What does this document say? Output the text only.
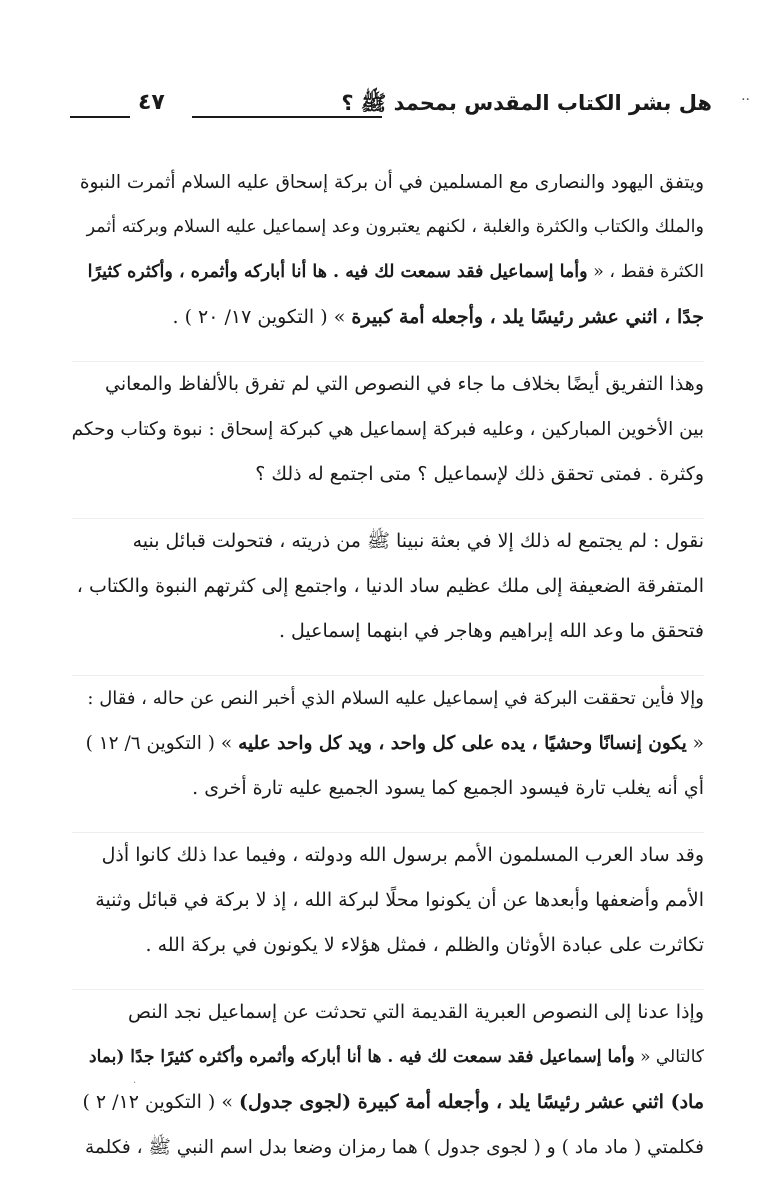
..
هل بشر الكتاب المقدس بمحمد ﷺ ؟
٤٧
ويتفق اليهود والنصارى مع المسلمين في أن بركة إسحاق عليه السلام أثمرت النبوة
والملك والكتاب والكثرة والغلبة ، لكنهم يعتبرون وعد إسماعيل عليه السلام وبركته أثمر
الكثرة فقط ، « وأما إسماعيل فقد سمعت لك فيه . ها أنا أباركه وأثمره ، وأكثره كثيرًا
جدًا ، اثني عشر رئيسًا يلد ، وأجعله أمة كبيرة » ( التكوين ١٧/ ٢٠ ) .
وهذا التفريق أيضًا بخلاف ما جاء في النصوص التي لم تفرق بالألفاظ والمعاني
بين الأخوين المباركين ، وعليه فبركة إسماعيل هي كبركة إسحاق : نبوة وكتاب وحكم
وكثرة . فمتى تحقق ذلك لإسماعيل ؟ متى اجتمع له ذلك ؟
نقول : لم يجتمع له ذلك إلا في بعثة نبينا ﷺ من ذريته ، فتحولت قبائل بنيه
المتفرقة الضعيفة إلى ملك عظيم ساد الدنيا ، واجتمع إلى كثرتهم النبوة والكتاب ،
فتحقق ما وعد الله إبراهيم وهاجر في ابنهما إسماعيل .
وإلا فأين تحققت البركة في إسماعيل عليه السلام الذي أخبر النص عن حاله ، فقال :
« يكون إنسانًا وحشيًا ، يده على كل واحد ، ويد كل واحد عليه » ( التكوين ٦/ ١٢ )
أي أنه يغلب تارة فيسود الجميع كما يسود الجميع عليه تارة أخرى .
وقد ساد العرب المسلمون الأمم برسول الله ودولته ، وفيما عدا ذلك كانوا أذل
الأمم وأضعفها وأبعدها عن أن يكونوا محلًا لبركة الله ، إذ لا بركة في قبائل وثنية
تكاثرت على عبادة الأوثان والظلم ، فمثل هؤلاء لا يكونون في بركة الله .
وإذا عدنا إلى النصوص العبرية القديمة التي تحدثت عن إسماعيل نجد النص
كالتالي « وأما إسماعيل فقد سمعت لك فيه . ها أنا أباركه وأثمره وأكثره كثيرًا جدًا (بماد
ماد) اثني عشر رئيسًا يلد ، وأجعله أمة كبيرة (لجوى جدول) » ( التكوين ١٢/ ٢ )
فكلمتي ( ماد ماد ) و ( لجوى جدول ) هما رمزان وضعا بدل اسم النبي ﷺ ، فكلمة
·
